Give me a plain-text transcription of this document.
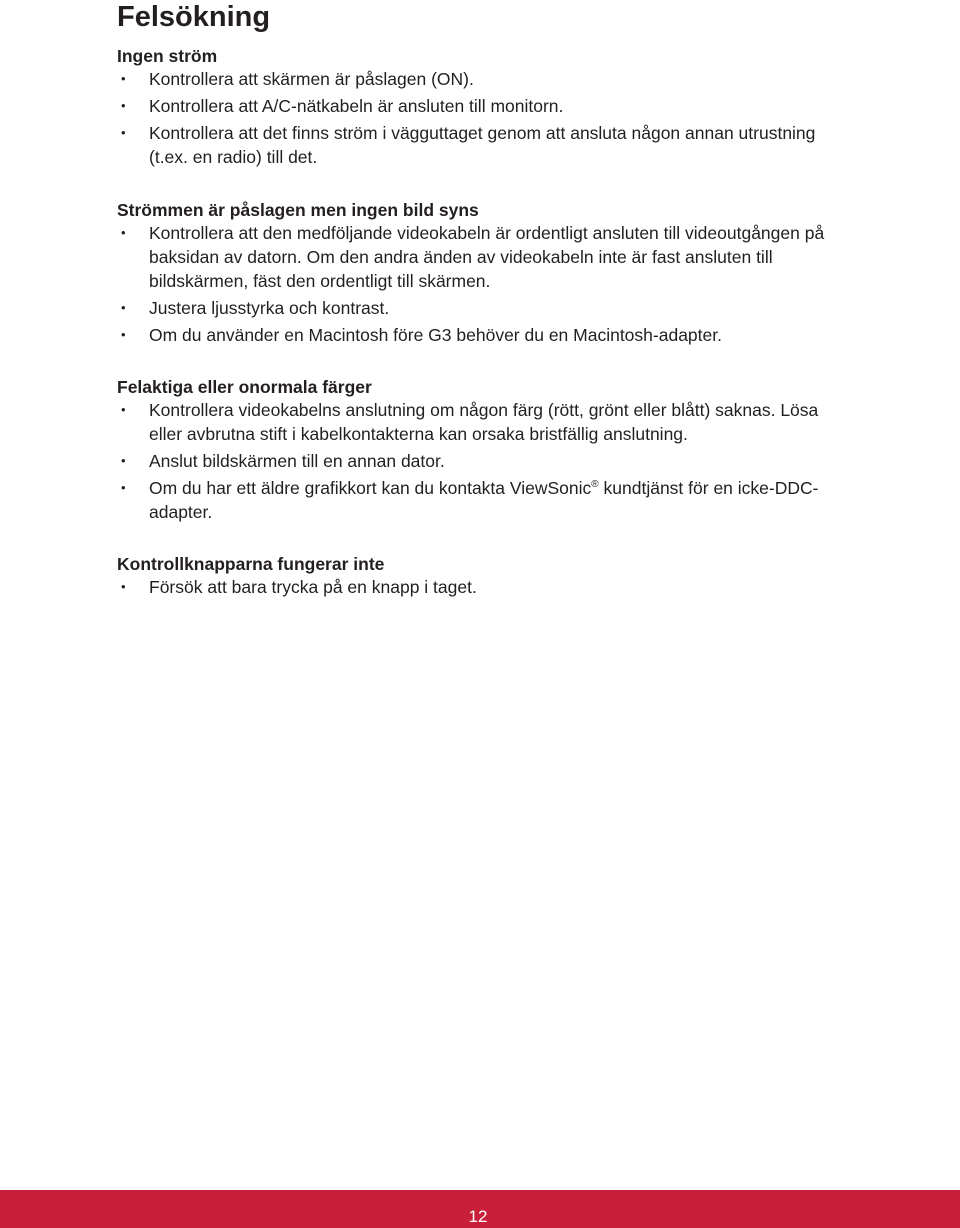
Felsökning
Ingen ström
• Kontrollera att skärmen är påslagen (ON).
• Kontrollera att A/C-nätkabeln är ansluten till monitorn.
• Kontrollera att det finns ström i vägguttaget genom att ansluta någon annan utrustning (t.ex. en radio) till det.
Strömmen är påslagen men ingen bild syns
• Kontrollera att den medföljande videokabeln är ordentligt ansluten till videoutgången på baksidan av datorn. Om den andra änden av videokabeln inte är fast ansluten till bildskärmen, fäst den ordentligt till skärmen.
• Justera ljusstyrka och kontrast.
• Om du använder en Macintosh före G3 behöver du en Macintosh-adapter.
Felaktiga eller onormala färger
• Kontrollera videokabelns anslutning om någon färg (rött, grönt eller blått) saknas. Lösa eller avbrutna stift i kabelkontakterna kan orsaka bristfällig anslutning.
• Anslut bildskärmen till en annan dator.
• Om du har ett äldre grafikkort kan du kontakta ViewSonic® kundtjänst för en icke-DDC-adapter.
Kontrollknapparna fungerar inte
• Försök att bara trycka på en knapp i taget.
12
